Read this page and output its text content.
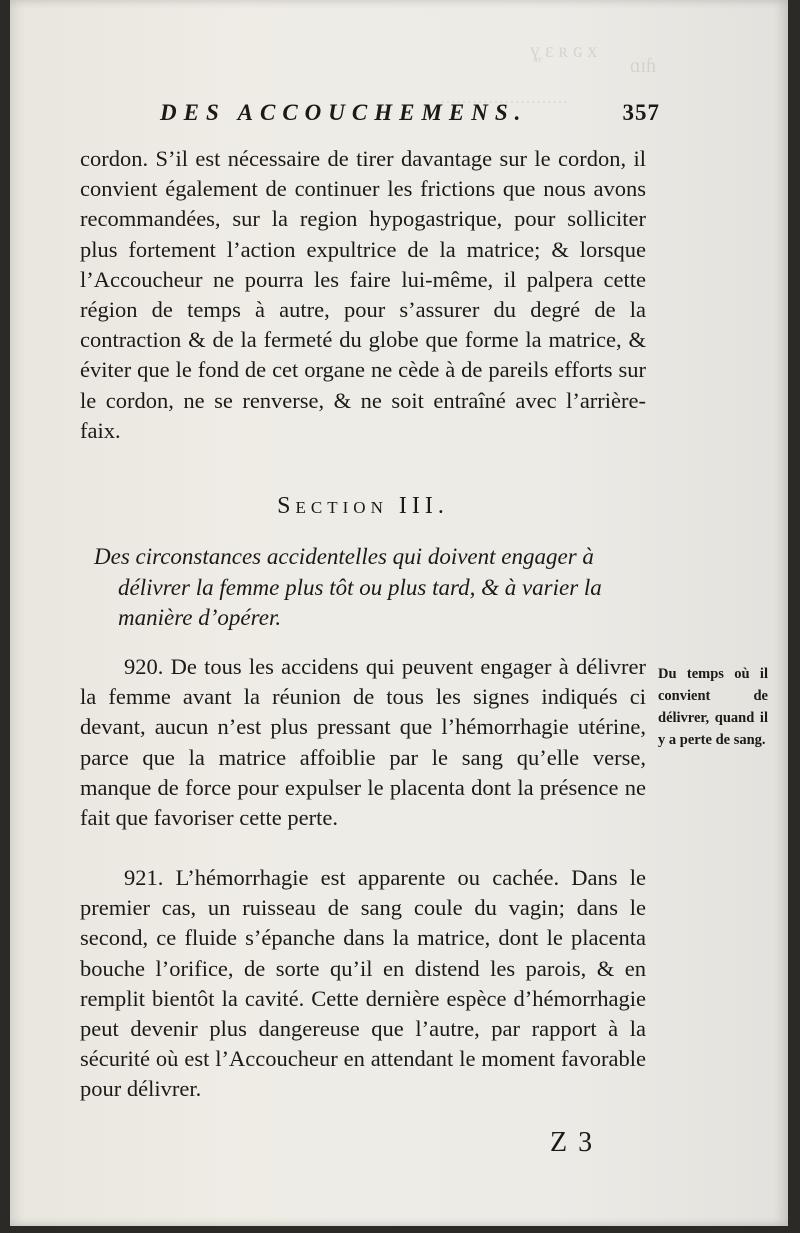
ɣ᷊ ɛ ʀ ɢ x
ɑɪɦ
……………………
DES ACCOUCHEMENS.	357
cordon. S’il est nécessaire de tirer davantage sur le cordon, il convient également de continuer les frictions que nous avons recommandées, sur la region hypogastrique, pour solliciter plus fortement l’action expultrice de la matrice; & lorsque l’Accoucheur ne pourra les faire lui-même, il palpera cette région de temps à autre, pour s’assurer du degré de la contraction & de la fermeté du globe que forme la matrice, & éviter que le fond de cet organe ne cède à de pareils efforts sur le cordon, ne se renverse, & ne soit entraîné avec l’arrière-faix.
Section III.
Des circonstances accidentelles qui doivent engager à délivrer la femme plus tôt ou plus tard, & à varier la manière d’opérer.
920. De tous les accidens qui peuvent engager à délivrer la femme avant la réunion de tous les signes indiqués ci devant, aucun n’est plus pressant que l’hémorrhagie utérine, parce que la matrice affoiblie par le sang qu’elle verse, manque de force pour expulser le placenta dont la présence ne fait que favoriser cette perte.
Du temps où il convient de délivrer, quand il y a perte de sang.
921. L’hémorrhagie est apparente ou cachée. Dans le premier cas, un ruisseau de sang coule du vagin; dans le second, ce fluide s’épanche dans la matrice, dont le placenta bouche l’orifice, de sorte qu’il en distend les parois, & en remplit bientôt la cavité. Cette dernière espèce d’hémorrhagie peut devenir plus dangereuse que l’autre, par rapport à la sécurité où est l’Accoucheur en attendant le moment favorable pour délivrer.
Z 3
